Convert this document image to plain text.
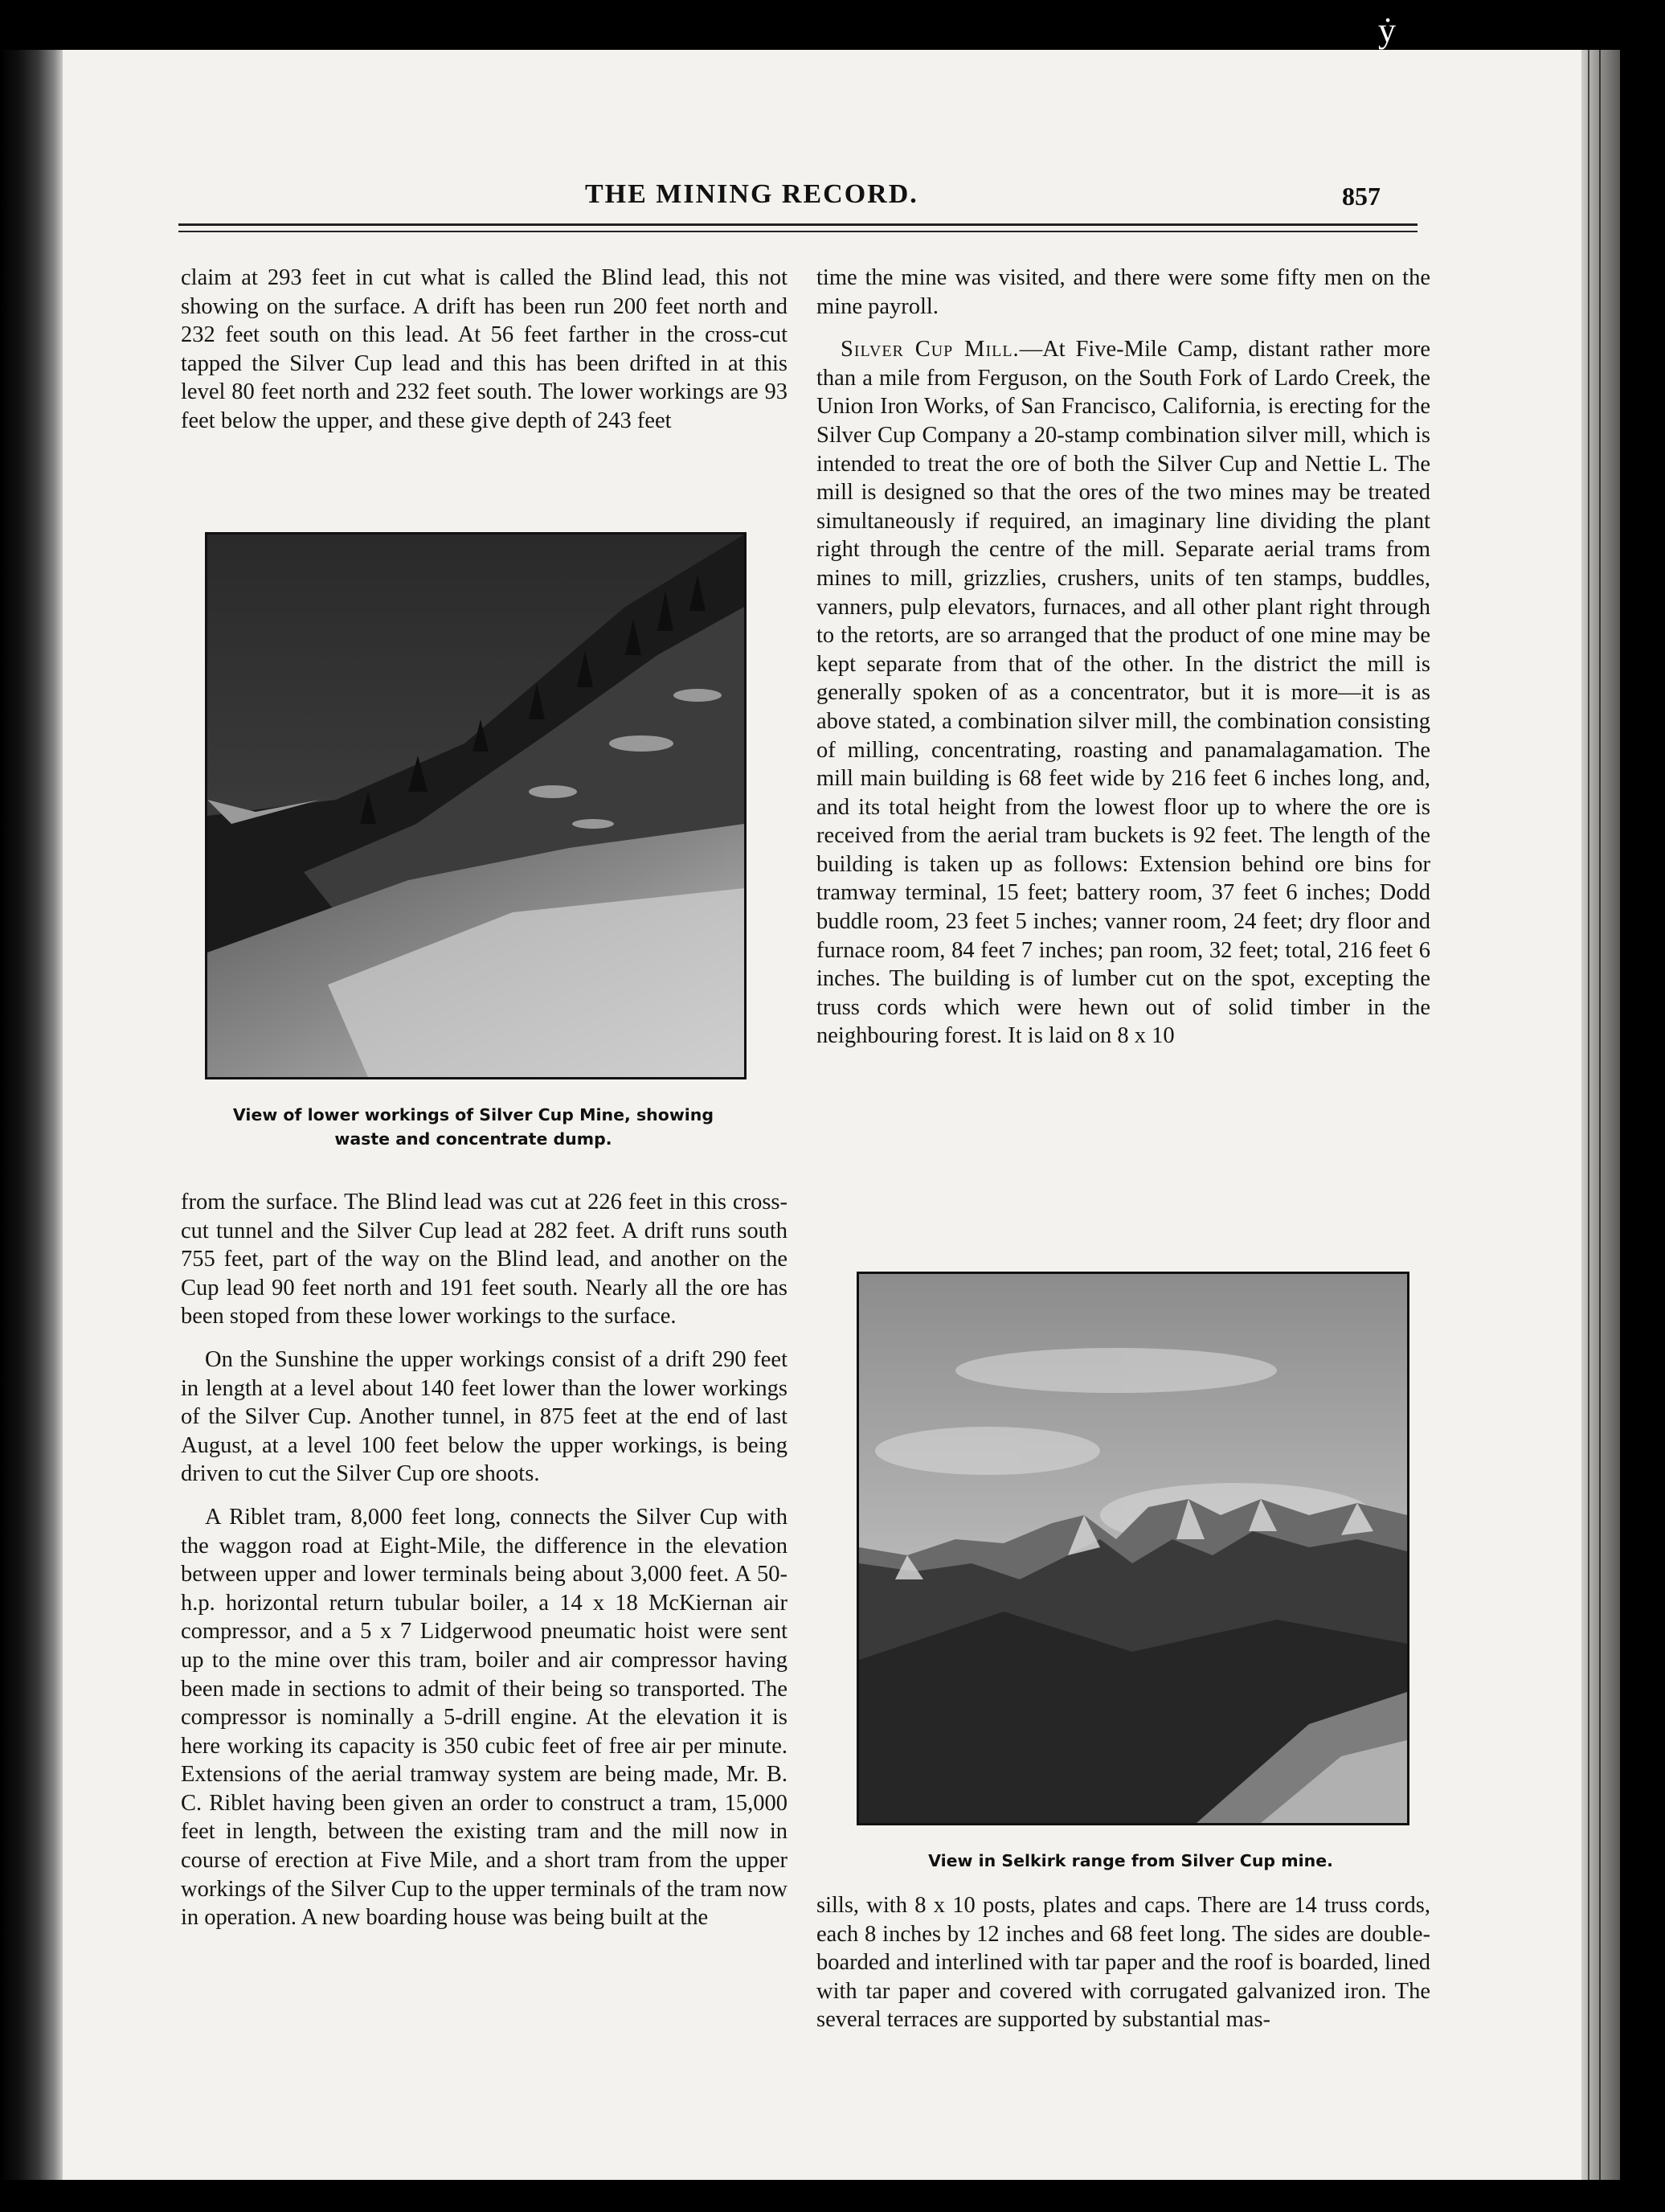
ẏ
THE MINING RECORD.	857

claim at 293 feet in cut what is called the Blind lead, this not showing on the surface. A drift has been run 200 feet north and 232 feet south on this lead. At 56 feet farther in the cross-cut tapped the Silver Cup lead and this has been drifted in at this level 80 feet north and 232 feet south. The lower workings are 93 feet below the upper, and these give depth of 243 feet

View of lower workings of Silver Cup Mine, showing waste and concentrate dump.

from the surface. The Blind lead was cut at 226 feet in this cross-cut tunnel and the Silver Cup lead at 282 feet. A drift runs south 755 feet, part of the way on the Blind lead, and another on the Cup lead 90 feet north and 191 feet south. Nearly all the ore has been stoped from these lower workings to the surface.

On the Sunshine the upper workings consist of a drift 290 feet in length at a level about 140 feet lower than the lower workings of the Silver Cup. Another tunnel, in 875 feet at the end of last August, at a level 100 feet below the upper workings, is being driven to cut the Silver Cup ore shoots.

A Riblet tram, 8,000 feet long, connects the Silver Cup with the waggon road at Eight-Mile, the difference in the elevation between upper and lower terminals being about 3,000 feet. A 50-h.p. horizontal return tubular boiler, a 14 x 18 McKiernan air compressor, and a 5 x 7 Lidgerwood pneumatic hoist were sent up to the mine over this tram, boiler and air compressor having been made in sections to admit of their being so transported. The compressor is nominally a 5-drill engine. At the elevation it is here working its capacity is 350 cubic feet of free air per minute. Extensions of the aerial tramway system are being made, Mr. B. C. Riblet having been given an order to construct a tram, 15,000 feet in length, between the existing tram and the mill now in course of erection at Five Mile, and a short tram from the upper workings of the Silver Cup to the upper terminals of the tram now in operation. A new boarding house was being built at the

time the mine was visited, and there were some fifty men on the mine payroll.

Silver Cup Mill.—At Five-Mile Camp, distant rather more than a mile from Ferguson, on the South Fork of Lardo Creek, the Union Iron Works, of San Francisco, California, is erecting for the Silver Cup Company a 20-stamp combination silver mill, which is intended to treat the ore of both the Silver Cup and Nettie L. The mill is designed so that the ores of the two mines may be treated simultaneously if required, an imaginary line dividing the plant right through the centre of the mill. Separate aerial trams from mines to mill, grizzlies, crushers, units of ten stamps, buddles, vanners, pulp elevators, furnaces, and all other plant right through to the retorts, are so arranged that the product of one mine may be kept separate from that of the other. In the district the mill is generally spoken of as a concentrator, but it is more—it is as above stated, a combination silver mill, the combination consisting of milling, concentrating, roasting and panamalagamation. The mill main building is 68 feet wide by 216 feet 6 inches long, and, and its total height from the lowest floor up to where the ore is received from the aerial tram buckets is 92 feet. The length of the building is taken up as follows: Extension behind ore bins for tramway terminal, 15 feet; battery room, 37 feet 6 inches; Dodd buddle room, 23 feet 5 inches; vanner room, 24 feet; dry floor and furnace room, 84 feet 7 inches; pan room, 32 feet; total, 216 feet 6 inches. The building is of lumber cut on the spot, excepting the truss cords which were hewn out of solid timber in the neighbouring forest. It is laid on 8 x 10

View in Selkirk range from Silver Cup mine.

sills, with 8 x 10 posts, plates and caps. There are 14 truss cords, each 8 inches by 12 inches and 68 feet long. The sides are double-boarded and interlined with tar paper and the roof is boarded, lined with tar paper and covered with corrugated galvanized iron. The several terraces are supported by substantial mas-
